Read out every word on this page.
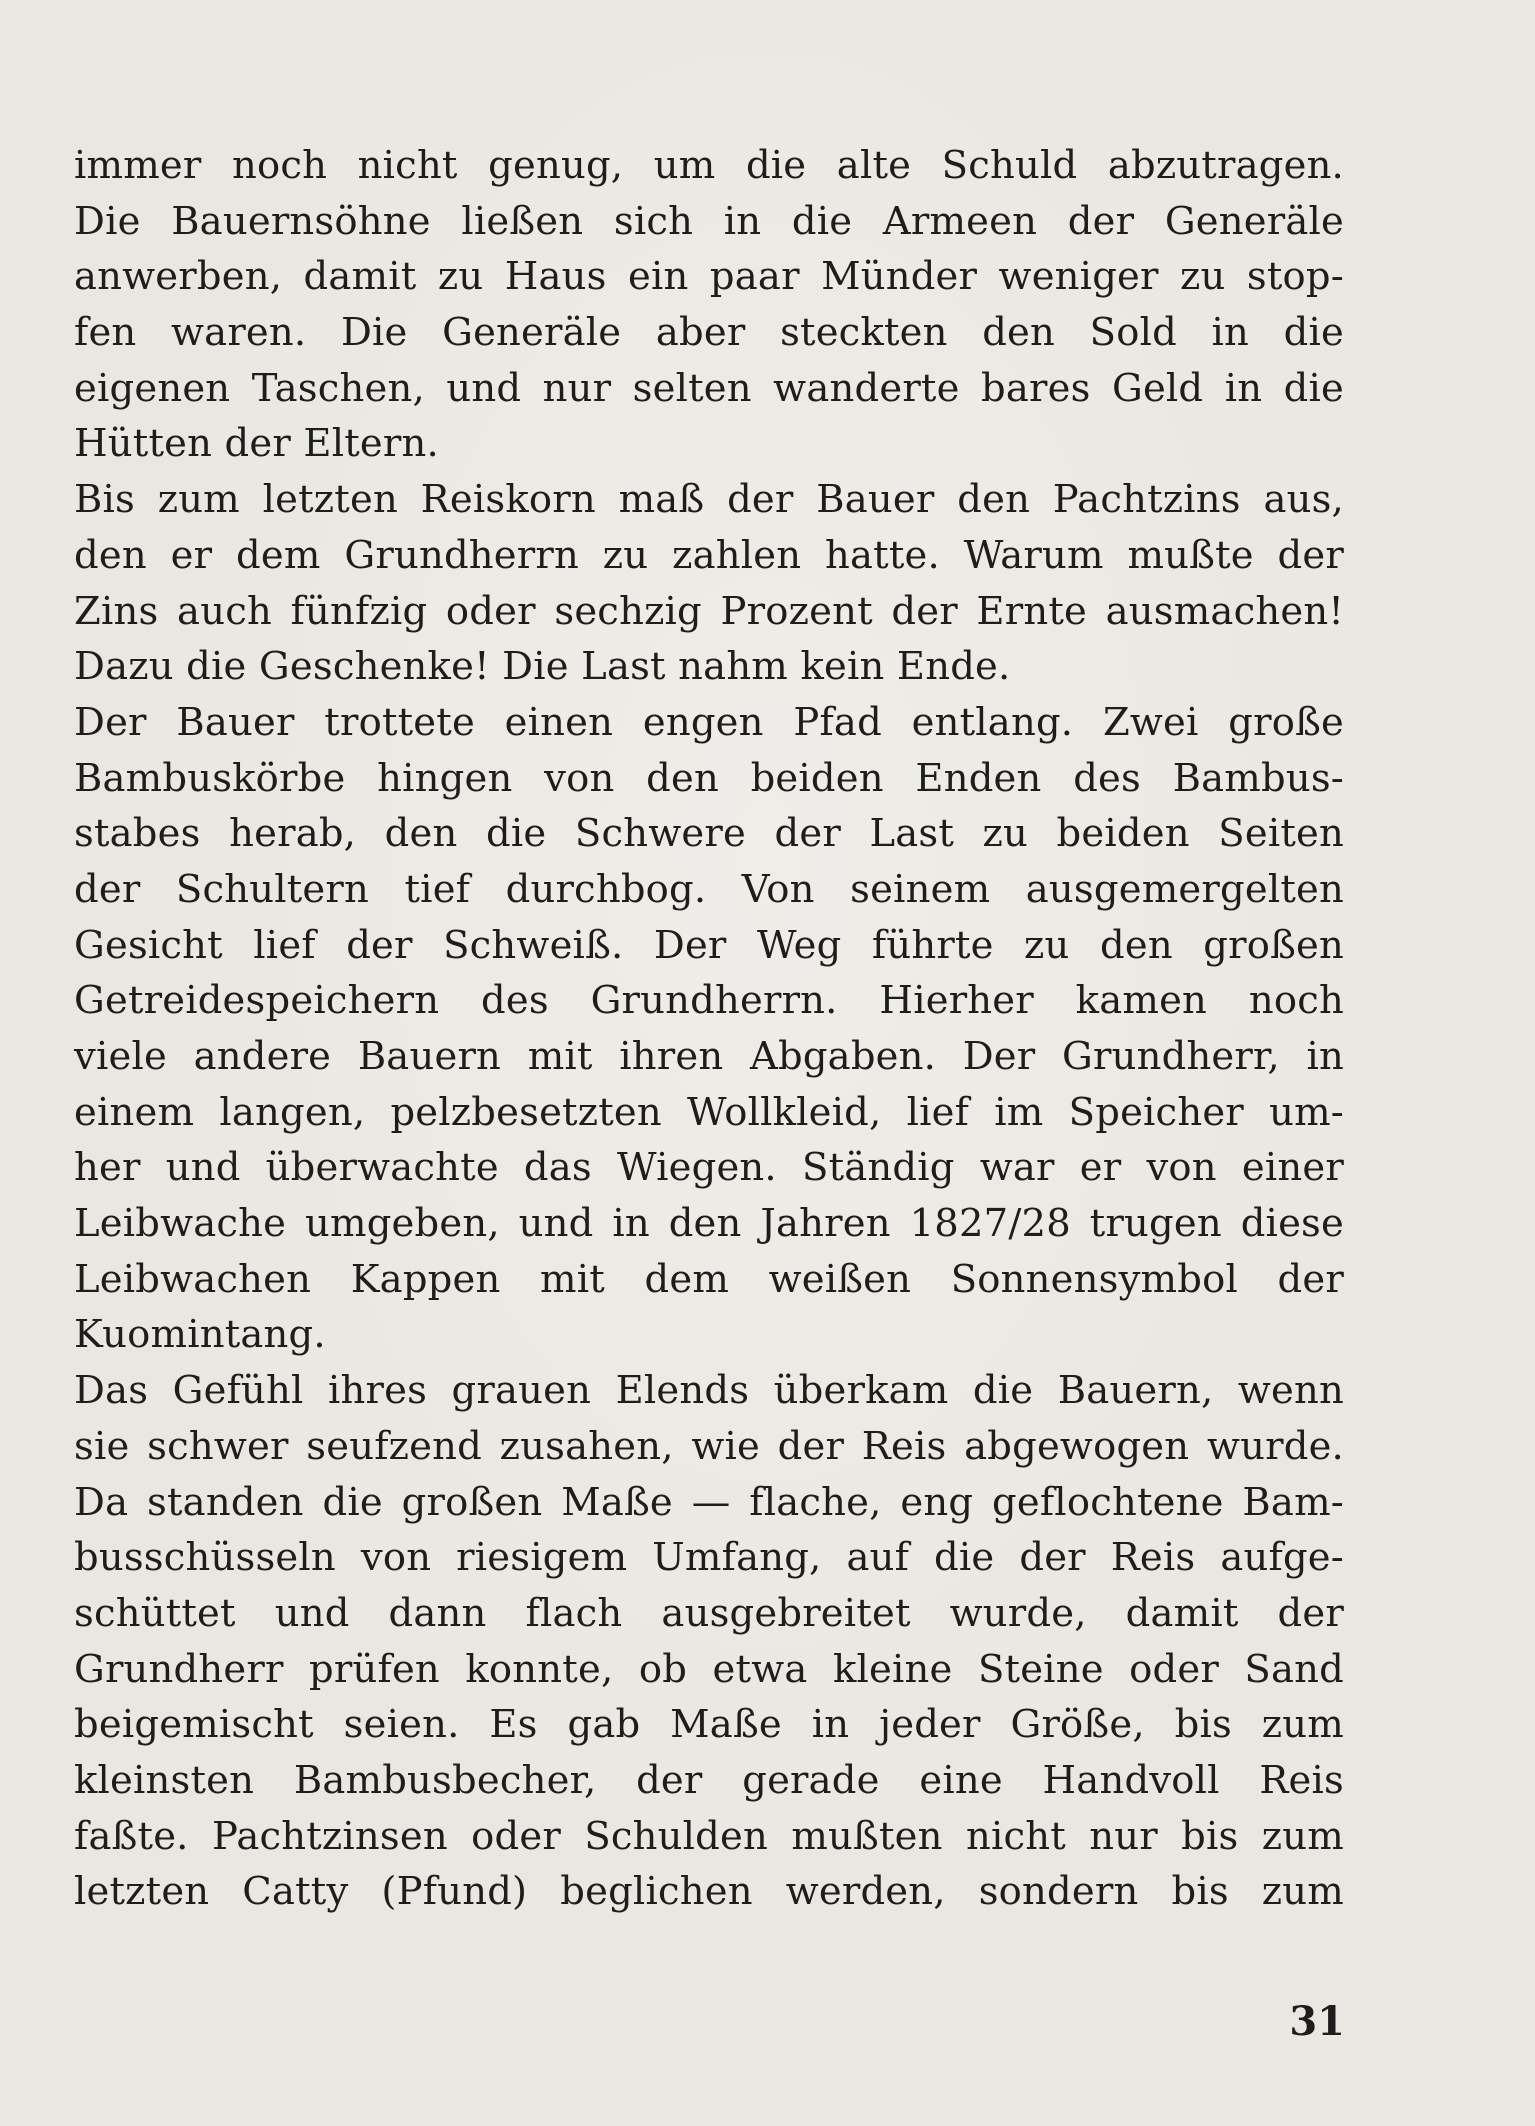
immer noch nicht genug, um die alte Schuld abzutragen.
Die Bauernsöhne ließen sich in die Armeen der Generäle
anwerben, damit zu Haus ein paar Münder weniger zu stop-
fen waren. Die Generäle aber steckten den Sold in die
eigenen Taschen, und nur selten wanderte bares Geld in die
Hütten der Eltern.
Bis zum letzten Reiskorn maß der Bauer den Pachtzins aus,
den er dem Grundherrn zu zahlen hatte. Warum mußte der
Zins auch fünfzig oder sechzig Prozent der Ernte ausmachen!
Dazu die Geschenke! Die Last nahm kein Ende.
Der Bauer trottete einen engen Pfad entlang. Zwei große
Bambuskörbe hingen von den beiden Enden des Bambus-
stabes herab, den die Schwere der Last zu beiden Seiten
der Schultern tief durchbog. Von seinem ausgemergelten
Gesicht lief der Schweiß. Der Weg führte zu den großen
Getreidespeichern des Grundherrn. Hierher kamen noch
viele andere Bauern mit ihren Abgaben. Der Grundherr, in
einem langen, pelzbesetzten Wollkleid, lief im Speicher um-
her und überwachte das Wiegen. Ständig war er von einer
Leibwache umgeben, und in den Jahren 1827/28 trugen diese
Leibwachen Kappen mit dem weißen Sonnensymbol der
Kuomintang.
Das Gefühl ihres grauen Elends überkam die Bauern, wenn
sie schwer seufzend zusahen, wie der Reis abgewogen wurde.
Da standen die großen Maße — flache, eng geflochtene Bam-
busschüsseln von riesigem Umfang, auf die der Reis aufge-
schüttet und dann flach ausgebreitet wurde, damit der
Grundherr prüfen konnte, ob etwa kleine Steine oder Sand
beigemischt seien. Es gab Maße in jeder Größe, bis zum
kleinsten Bambusbecher, der gerade eine Handvoll Reis
faßte. Pachtzinsen oder Schulden mußten nicht nur bis zum
letzten Catty (Pfund) beglichen werden, sondern bis zum
31
